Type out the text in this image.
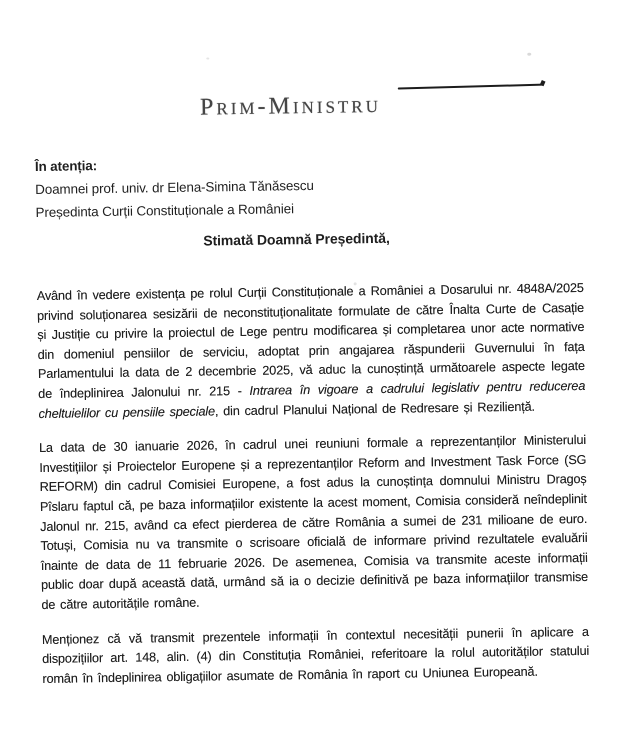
Prim-Ministru
În atenția:
Doamnei prof. univ. dr Elena-Simina Tănăsescu
Președinta Curții Constituționale a României
Stimată Doamnă Președintă,

Având în vedere existența pe rolul Curții Constituționale a României a Dosarului nr. 4848A/2025 privind soluționarea sesizării de neconstituționalitate formulate de către Înalta Curte de Casație și Justiție cu privire la proiectul de Lege pentru modificarea și completarea unor acte normative din domeniul pensiilor de serviciu, adoptat prin angajarea răspunderii Guvernului în fața Parlamentului la data de 2 decembrie 2025, vă aduc la cunoștință următoarele aspecte legate de îndeplinirea Jalonului nr. 215 - Intrarea în vigoare a cadrului legislativ pentru reducerea cheltuielilor cu pensiile speciale, din cadrul Planului Național de Redresare și Reziliență.

La data de 30 ianuarie 2026, în cadrul unei reuniuni formale a reprezentanților Ministerului Investițiilor și Proiectelor Europene și a reprezentanților Reform and Investment Task Force (SG REFORM) din cadrul Comisiei Europene, a fost adus la cunoștința domnului Ministru Dragoș Pîslaru faptul că, pe baza informațiilor existente la acest moment, Comisia consideră neîndeplinit Jalonul nr. 215, având ca efect pierderea de către România a sumei de 231 milioane de euro. Totuși, Comisia nu va transmite o scrisoare oficială de informare privind rezultatele evaluării înainte de data de 11 februarie 2026. De asemenea, Comisia va transmite aceste informații public doar după această dată, urmând să ia o decizie definitivă pe baza informațiilor transmise de către autoritățile române.

Menționez că vă transmit prezentele informații în contextul necesității punerii în aplicare a dispozițiilor art. 148, alin. (4) din Constituția României, referitoare la rolul autorităților statului român în îndeplinirea obligațiilor asumate de România în raport cu Uniunea Europeană.
